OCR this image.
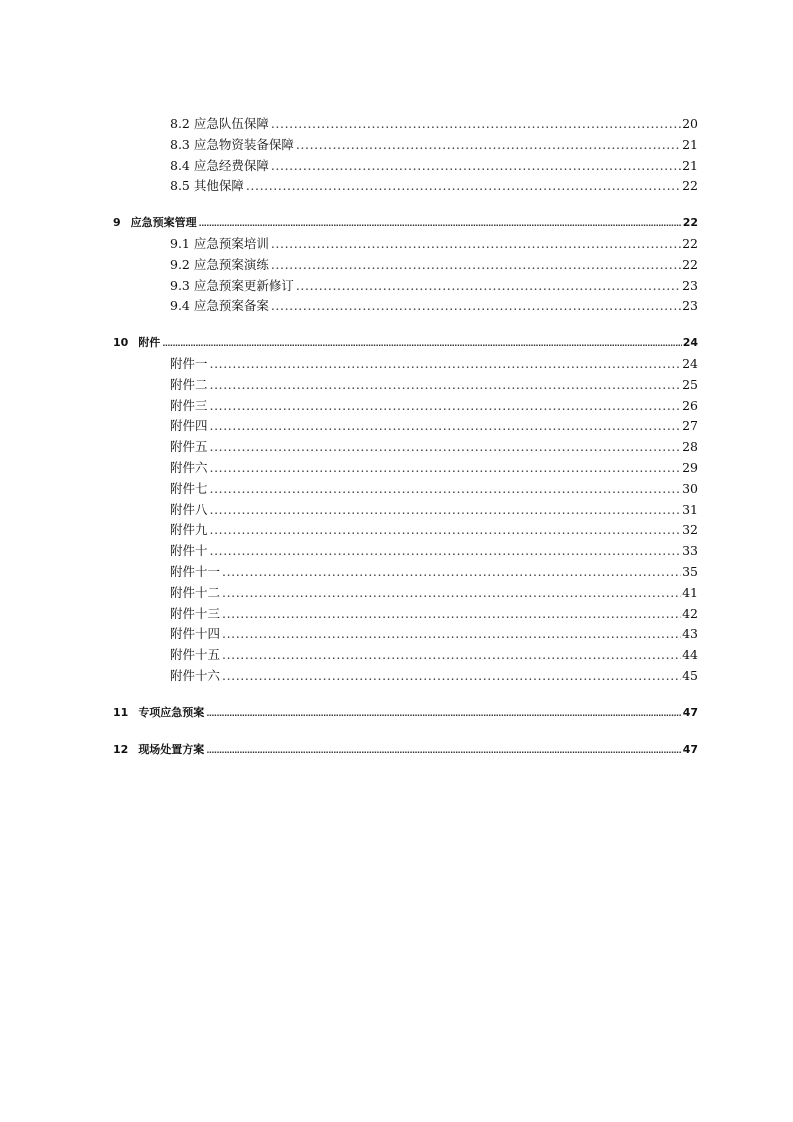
8.2 应急队伍保障 .....	20
8.3 应急物资装备保障 .....	21
8.4 应急经费保障 .....	21
8.5 其他保障 .....	22
9 应急预案管理 .....	22
9.1 应急预案培训 .....	22
9.2 应急预案演练 .....	22
9.3 应急预案更新修订 .....	23
9.4 应急预案备案 .....	23
10 附件 .....	24
附件一 .....	24
附件二 .....	25
附件三 .....	26
附件四 .....	27
附件五 .....	28
附件六 .....	29
附件七 .....	30
附件八 .....	31
附件九 .....	32
附件十 .....	33
附件十一 .....	35
附件十二 .....	41
附件十三 .....	42
附件十四 .....	43
附件十五 .....	44
附件十六 .....	45
11 专项应急预案 .....	47
12 现场处置方案 .....	47
